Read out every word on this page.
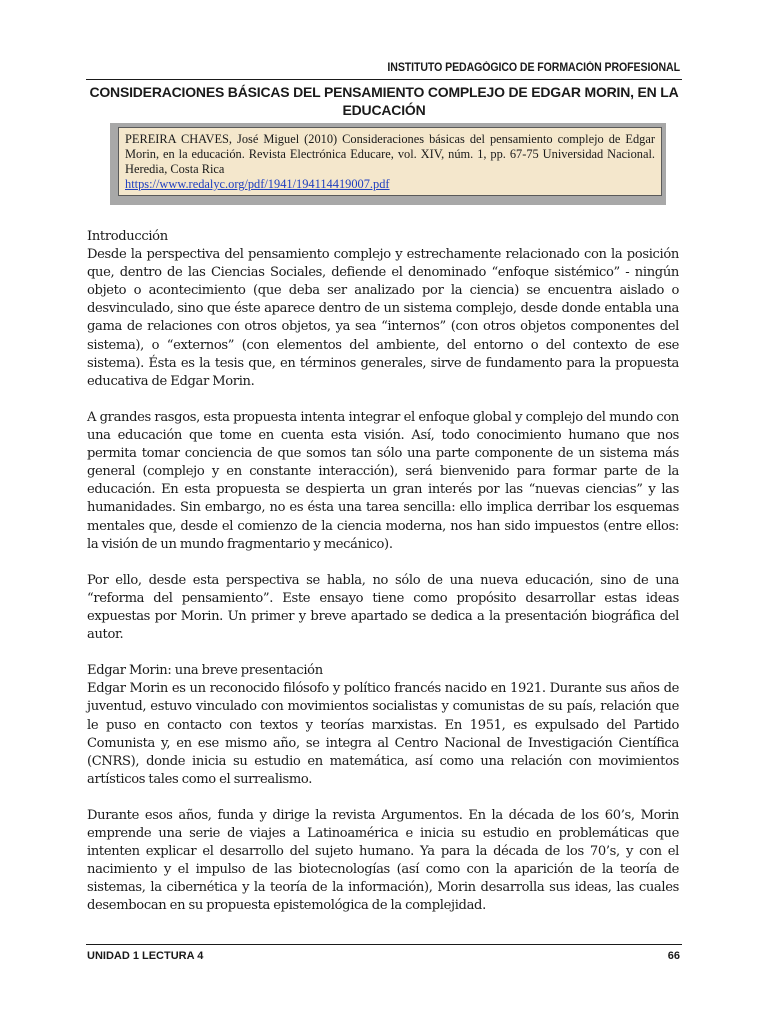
INSTITUTO PEDAGÓGICO DE FORMACIÓN PROFESIONAL
CONSIDERACIONES BÁSICAS DEL PENSAMIENTO COMPLEJO DE EDGAR MORIN, EN LA EDUCACIÓN
PEREIRA CHAVES, José Miguel (2010) Consideraciones básicas del pensamiento complejo de Edgar Morin, en la educación. Revista Electrónica Educare, vol. XIV, núm. 1, pp. 67-75 Universidad Nacional. Heredia, Costa Rica
https://www.redalyc.org/pdf/1941/194114419007.pdf

Introducción
Desde la perspectiva del pensamiento complejo y estrechamente relacionado con la posición que, dentro de las Ciencias Sociales, defiende el denominado “enfoque sistémico” - ningún objeto o acontecimiento (que deba ser analizado por la ciencia) se encuentra aislado o desvinculado, sino que éste aparece dentro de un sistema complejo, desde donde entabla una gama de relaciones con otros objetos, ya sea “internos” (con otros objetos componentes del sistema), o “externos” (con elementos del ambiente, del entorno o del contexto de ese sistema). Ésta es la tesis que, en términos generales, sirve de fundamento para la propuesta educativa de Edgar Morin.

A grandes rasgos, esta propuesta intenta integrar el enfoque global y complejo del mundo con una educación que tome en cuenta esta visión. Así, todo conocimiento humano que nos permita tomar conciencia de que somos tan sólo una parte componente de un sistema más general (complejo y en constante interacción), será bienvenido para formar parte de la educación. En esta propuesta se despierta un gran interés por las “nuevas ciencias” y las humanidades. Sin embargo, no es ésta una tarea sencilla: ello implica derribar los esquemas mentales que, desde el comienzo de la ciencia moderna, nos han sido impuestos (entre ellos: la visión de un mundo fragmentario y mecánico).

Por ello, desde esta perspectiva se habla, no sólo de una nueva educación, sino de una “reforma del pensamiento”. Este ensayo tiene como propósito desarrollar estas ideas expuestas por Morin. Un primer y breve apartado se dedica a la presentación biográfica del autor.

Edgar Morin: una breve presentación
Edgar Morin es un reconocido filósofo y político francés nacido en 1921. Durante sus años de juventud, estuvo vinculado con movimientos socialistas y comunistas de su país, relación que le puso en contacto con textos y teorías marxistas. En 1951, es expulsado del Partido Comunista y, en ese mismo año, se integra al Centro Nacional de Investigación Científica (CNRS), donde inicia su estudio en matemática, así como una relación con movimientos artísticos tales como el surrealismo.

Durante esos años, funda y dirige la revista Argumentos. En la década de los 60’s, Morin emprende una serie de viajes a Latinoamérica e inicia su estudio en problemáticas que intenten explicar el desarrollo del sujeto humano. Ya para la década de los 70’s, y con el nacimiento y el impulso de las biotecnologías (así como con la aparición de la teoría de sistemas, la cibernética y la teoría de la información), Morin desarrolla sus ideas, las cuales desembocan en su propuesta epistemológica de la complejidad.

UNIDAD 1 LECTURA 4	66
